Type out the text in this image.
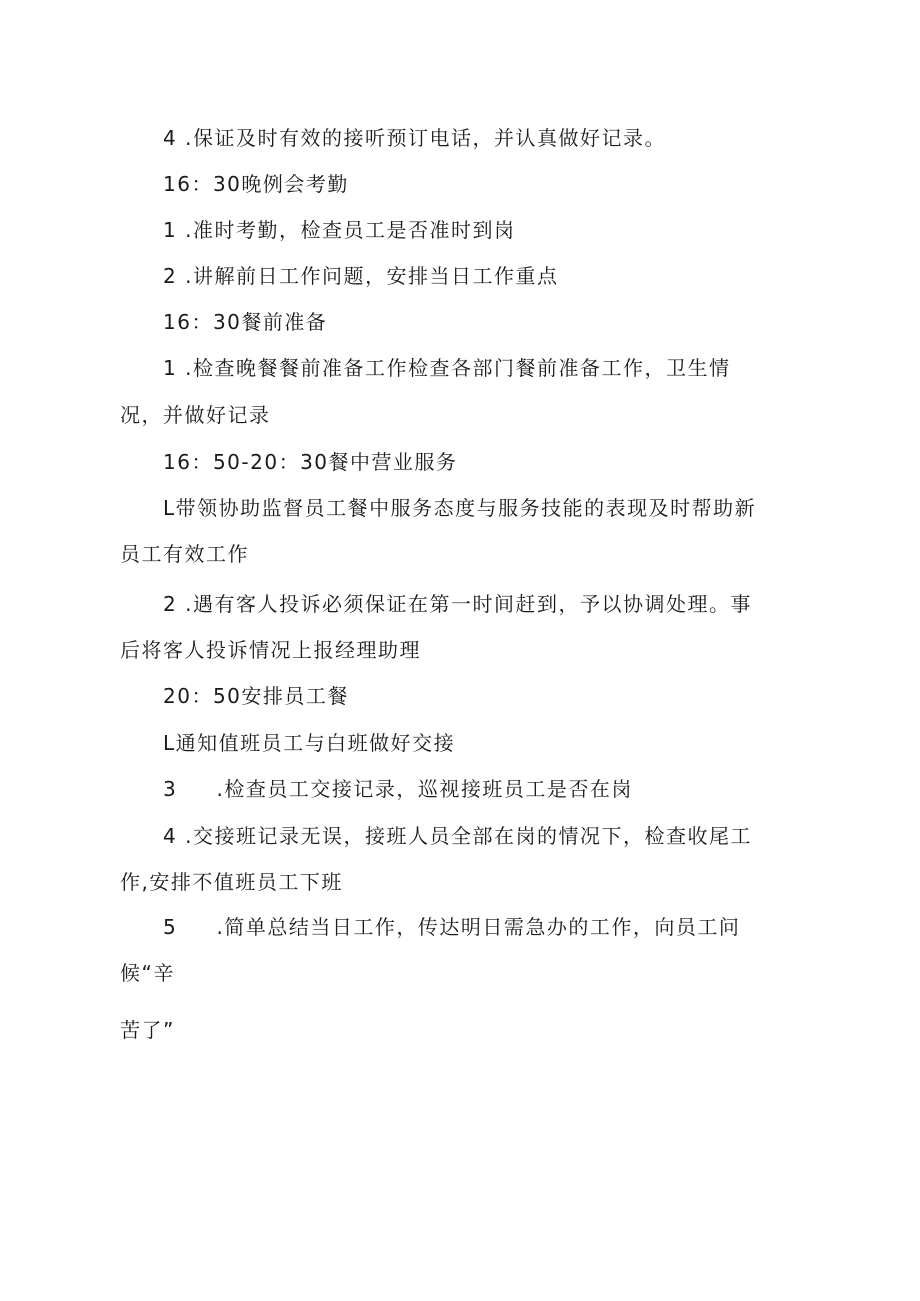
4 .保证及时有效的接听预订电话，并认真做好记录。
16：30晚例会考勤
1 .准时考勤，检查员工是否准时到岗
2 .讲解前日工作问题，安排当日工作重点
16：30餐前准备
1 .检查晚餐餐前准备工作检查各部门餐前准备工作，卫生情
况，并做好记录
16：50-20：30餐中营业服务
L带领协助监督员工餐中服务态度与服务技能的表现及时帮助新
员工有效工作
2 .遇有客人投诉必须保证在第一时间赶到，予以协调处理。事
后将客人投诉情况上报经理助理
20：50安排员工餐
L通知值班员工与白班做好交接
3     .检查员工交接记录，巡视接班员工是否在岗
4 .交接班记录无误，接班人员全部在岗的情况下，检查收尾工
作,安排不值班员工下班
5     .简单总结当日工作，传达明日需急办的工作，向员工问
候“辛
苦了”
